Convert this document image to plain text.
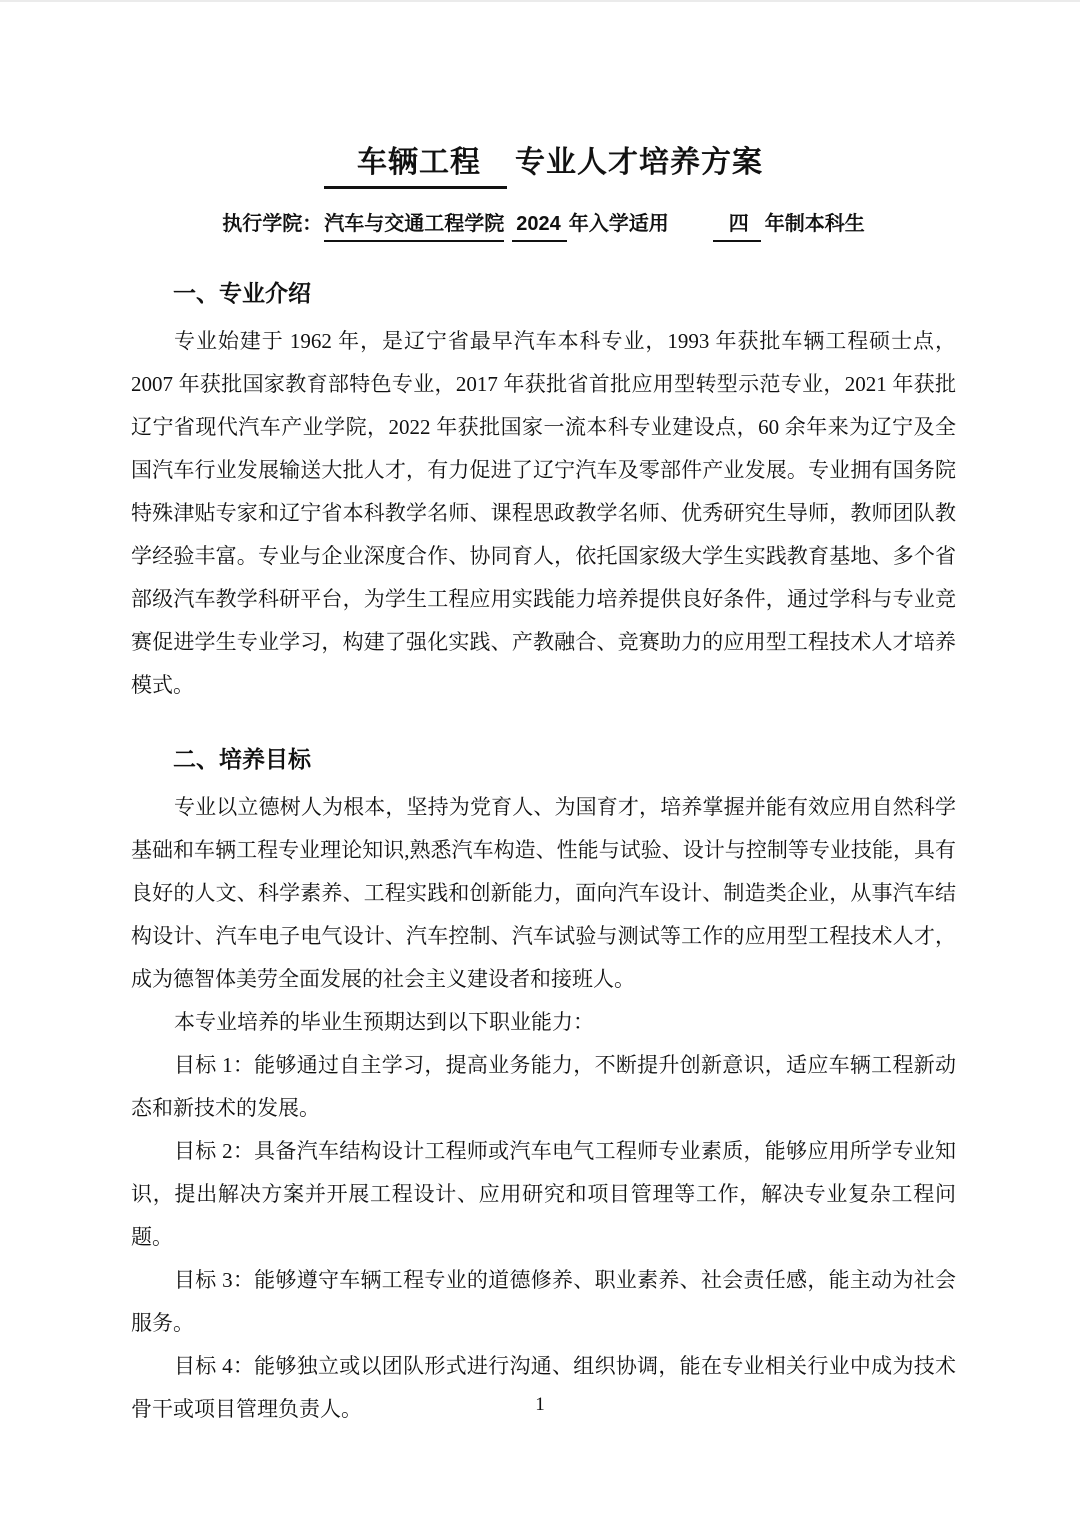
车辆工程 专业人才培养方案
执行学院： 汽车与交通工程学院 2024 年入学适用	四 年制本科生
一、专业介绍

专业始建于 1962 年，是辽宁省最早汽车本科专业，1993 年获批车辆工程硕士点，2007 年获批国家教育部特色专业，2017 年获批省首批应用型转型示范专业，2021 年获批辽宁省现代汽车产业学院，2022 年获批国家一流本科专业建设点，60 余年来为辽宁及全国汽车行业发展输送大批人才，有力促进了辽宁汽车及零部件产业发展。专业拥有国务院特殊津贴专家和辽宁省本科教学名师、课程思政教学名师、优秀研究生导师，教师团队教学经验丰富。专业与企业深度合作、协同育人，依托国家级大学生实践教育基地、多个省部级汽车教学科研平台，为学生工程应用实践能力培养提供良好条件，通过学科与专业竞赛促进学生专业学习，构建了强化实践、产教融合、竞赛助力的应用型工程技术人才培养模式。

二、培养目标

专业以立德树人为根本，坚持为党育人、为国育才，培养掌握并能有效应用自然科学基础和车辆工程专业理论知识,熟悉汽车构造、性能与试验、设计与控制等专业技能，具有良好的人文、科学素养、工程实践和创新能力，面向汽车设计、制造类企业，从事汽车结构设计、汽车电子电气设计、汽车控制、汽车试验与测试等工作的应用型工程技术人才，成为德智体美劳全面发展的社会主义建设者和接班人。

本专业培养的毕业生预期达到以下职业能力：

目标 1：能够通过自主学习，提高业务能力，不断提升创新意识，适应车辆工程新动态和新技术的发展。

目标 2：具备汽车结构设计工程师或汽车电气工程师专业素质，能够应用所学专业知识，提出解决方案并开展工程设计、应用研究和项目管理等工作，解决专业复杂工程问题。

目标 3：能够遵守车辆工程专业的道德修养、职业素养、社会责任感，能主动为社会服务。

目标 4：能够独立或以团队形式进行沟通、组织协调，能在专业相关行业中成为技术骨干或项目管理负责人。	1
